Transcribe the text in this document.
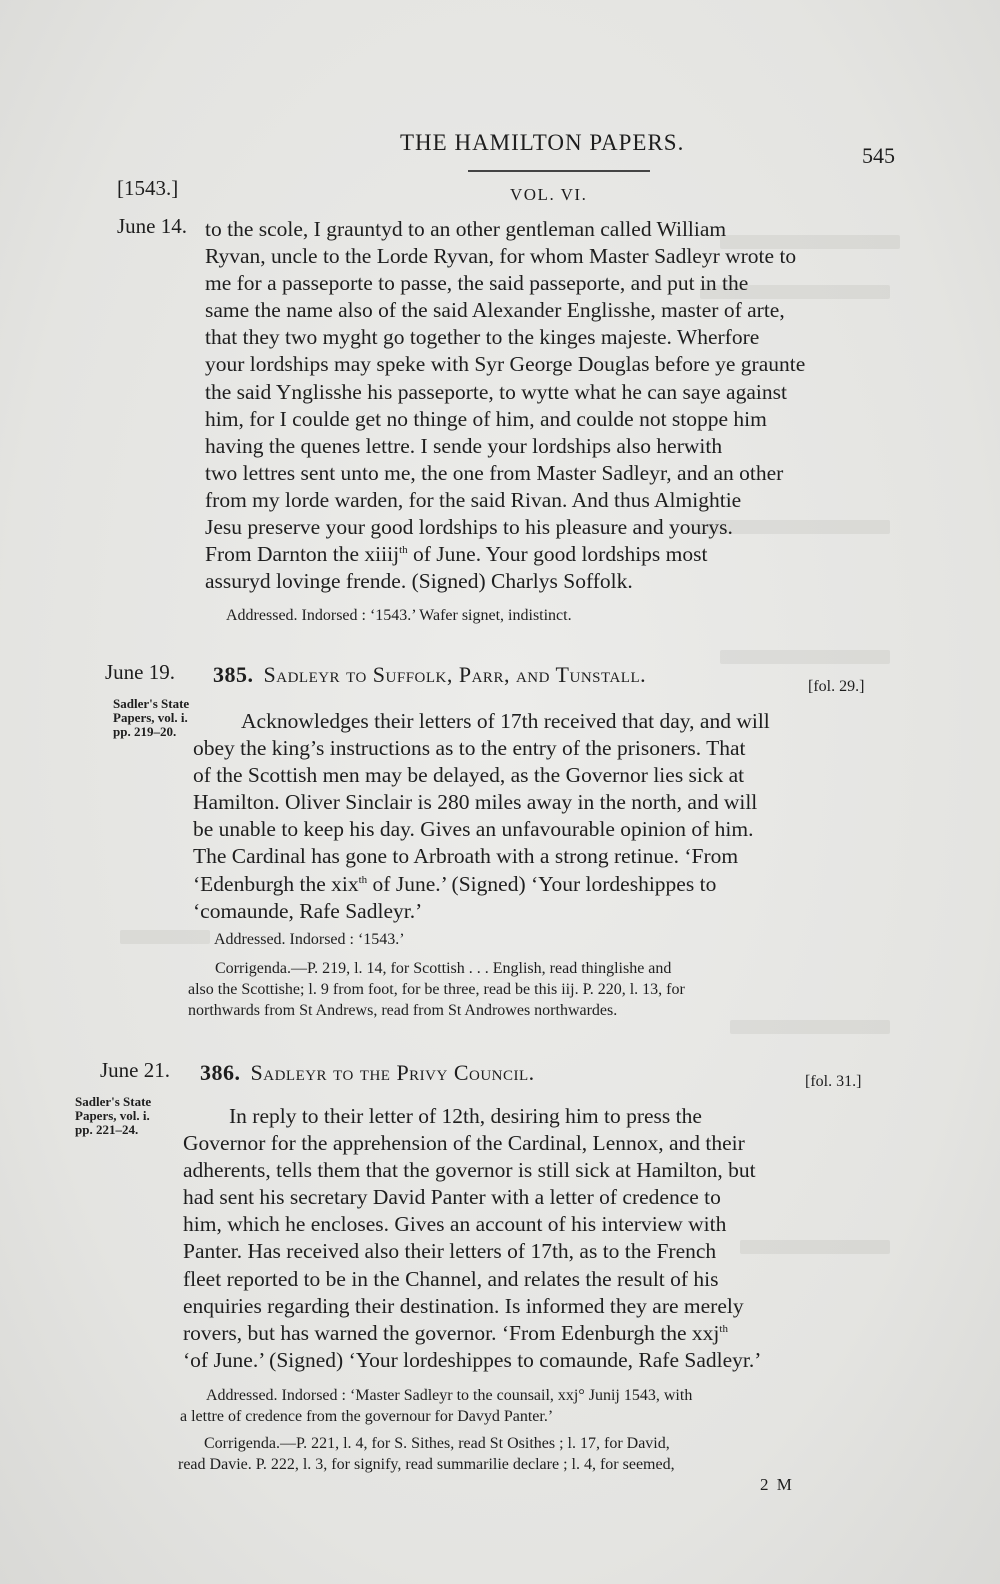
THE HAMILTON PAPERS.
545
[1543.]	VOL. VI.
June 14. to the scole, I grauntyd to an other gentleman called William
Ryvan, uncle to the Lorde Ryvan, for whom Master Sadleyr wrote to
me for a passeporte to passe, the said passeporte, and put in the
same the name also of the said Alexander Englisshe, master of arte,
that they two myght go together to the kinges majeste. Wherfore
your lordships may speke with Syr George Douglas before ye graunte
the said Ynglisshe his passeporte, to wytte what he can saye against
him, for I coulde get no thinge of him, and coulde not stoppe him
having the quenes lettre. I sende your lordships also herwith
two lettres sent unto me, the one from Master Sadleyr, and an other
from my lorde warden, for the said Rivan. And thus Almightie
Jesu preserve your good lordships to his pleasure and yourys.
From Darnton the xiiij$^{th}$ of June. Your good lordships most
assuryd lovinge frende. (Signed) Charlys Soffolk.
Addressed. Indorsed : ‘1543.’ Wafer signet, indistinct.
June 19. 385. Sadleyr to Suffolk, Parr, and Tunstall.	[fol. 29.]
Sadler's State
Papers, vol. i.
pp. 219–20.	Acknowledges their letters of 17th received that day, and will
obey the king’s instructions as to the entry of the prisoners. That
of the Scottish men may be delayed, as the Governor lies sick at
Hamilton. Oliver Sinclair is 280 miles away in the north, and will
be unable to keep his day. Gives an unfavourable opinion of him.
The Cardinal has gone to Arbroath with a strong retinue. ‘From
‘Edenburgh the xix$^{th}$ of June.’ (Signed) ‘Your lordeshippes to
‘comaunde, Rafe Sadleyr.’
Addressed. Indorsed : ‘1543.’
Corrigenda.—P. 219, l. 14, for Scottish . . . English, read thinglishe and
also the Scottishe; l. 9 from foot, for be three, read be this iij. P. 220, l. 13, for
northwards from St Andrews, read from St Androwes northwardes.
June 21. 386. Sadleyr to the Privy Council.	[fol. 31.]
Sadler's State
Papers, vol. i.
pp. 221–24.
In reply to their letter of 12th, desiring him to press the
Governor for the apprehension of the Cardinal, Lennox, and their
adherents, tells them that the governor is still sick at Hamilton, but
had sent his secretary David Panter with a letter of credence to
him, which he encloses. Gives an account of his interview with
Panter. Has received also their letters of 17th, as to the French
fleet reported to be in the Channel, and relates the result of his
enquiries regarding their destination. Is informed they are merely
rovers, but has warned the governor. ‘From Edenburgh the xxj$^{th}$
‘of June.’ (Signed) ‘Your lordeshippes to comaunde, Rafe Sadleyr.’
Addressed. Indorsed : ‘Master Sadleyr to the counsail, xxj° Junij 1543, with
a lettre of credence from the governour for Davyd Panter.’
Corrigenda.—P. 221, l. 4, for S. Sithes, read St Osithes ; l. 17, for David,
read Davie. P. 222, l. 3, for signify, read summarilie declare ; l. 4, for seemed,
2 M
